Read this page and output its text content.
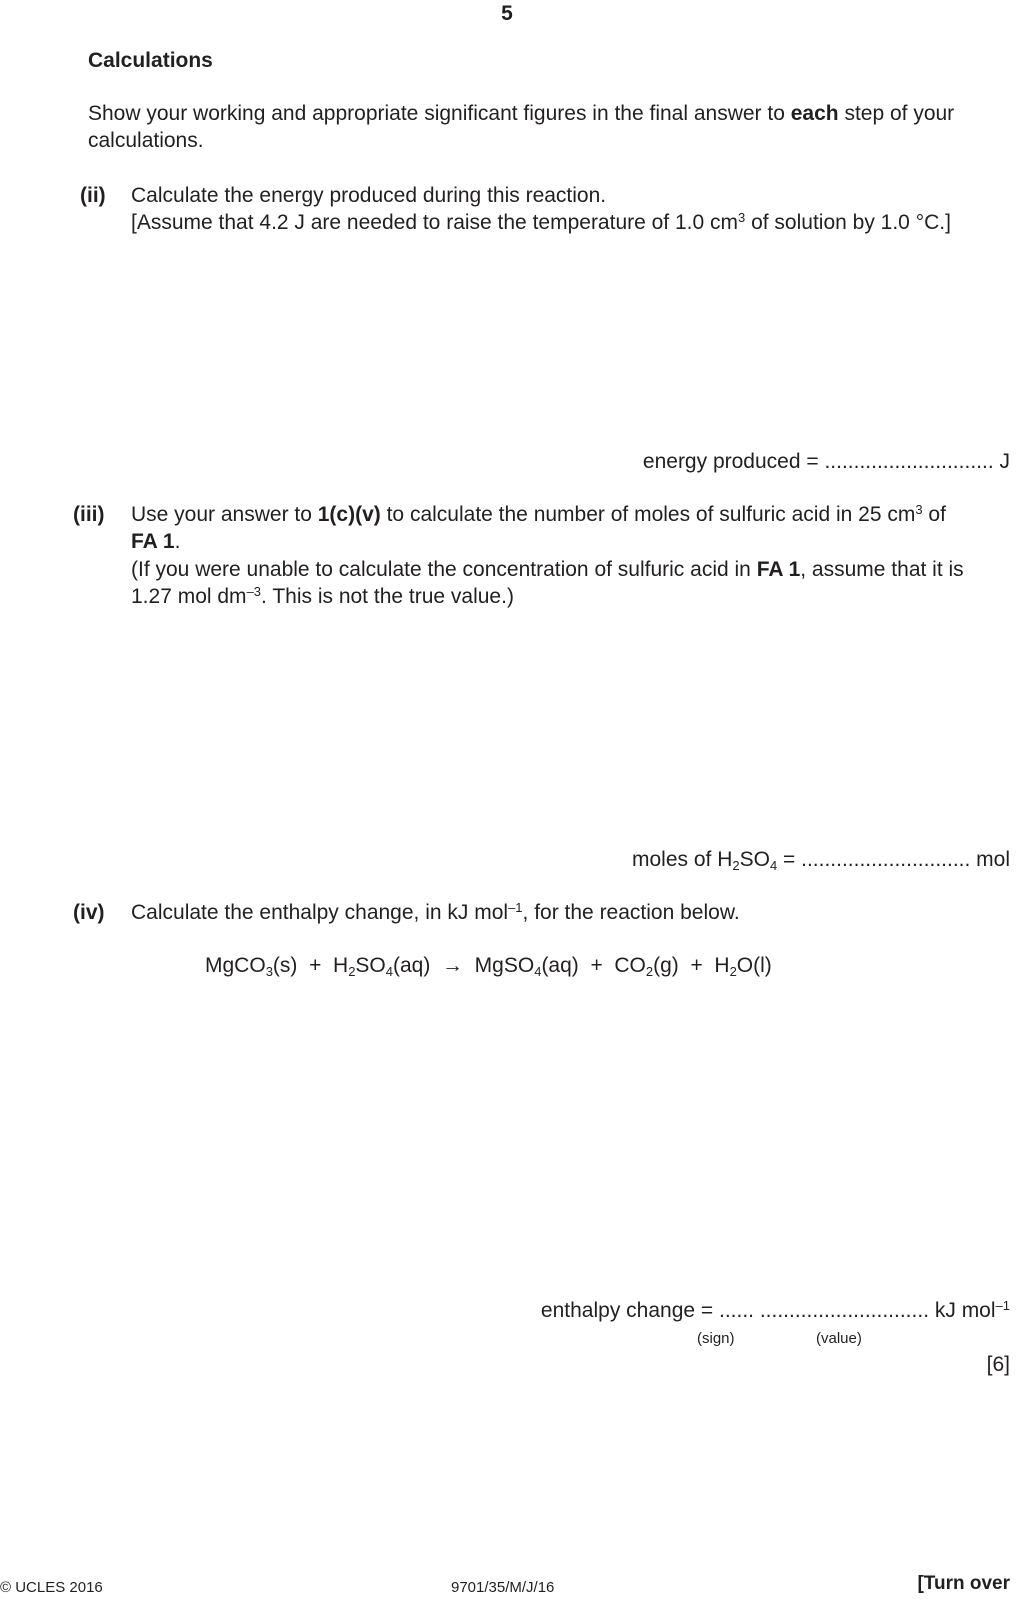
5
Calculations
Show your working and appropriate significant figures in the final answer to each step of your
calculations.
(ii) Calculate the energy produced during this reaction.
[Assume that 4.2 J are needed to raise the temperature of 1.0 $cm^3$ of solution by 1.0 °C.]
energy produced = ............................. J
(iii) Use your answer to 1(c)(v) to calculate the number of moles of sulfuric acid in 25 $cm^3$ of
FA 1.
(If you were unable to calculate the concentration of sulfuric acid in FA 1, assume that it is
1.27 mol $dm^{-3}$. This is not the true value.)
moles of $H_2SO_4$ = ............................. mol
(iv) Calculate the enthalpy change, in kJ mol$^{-1}$, for the reaction below.
MgCO$_3$(s)  +  $H_2SO_4(aq)$  →  MgSO$_4$(aq)  +  $CO_2(g) + H_2O(l)$
enthalpy change = ...... ............................. kJ mol$^{-1}$
(sign)	(value)
[6]
© UCLES 2016	9701/35/M/J/16	[Turn over
